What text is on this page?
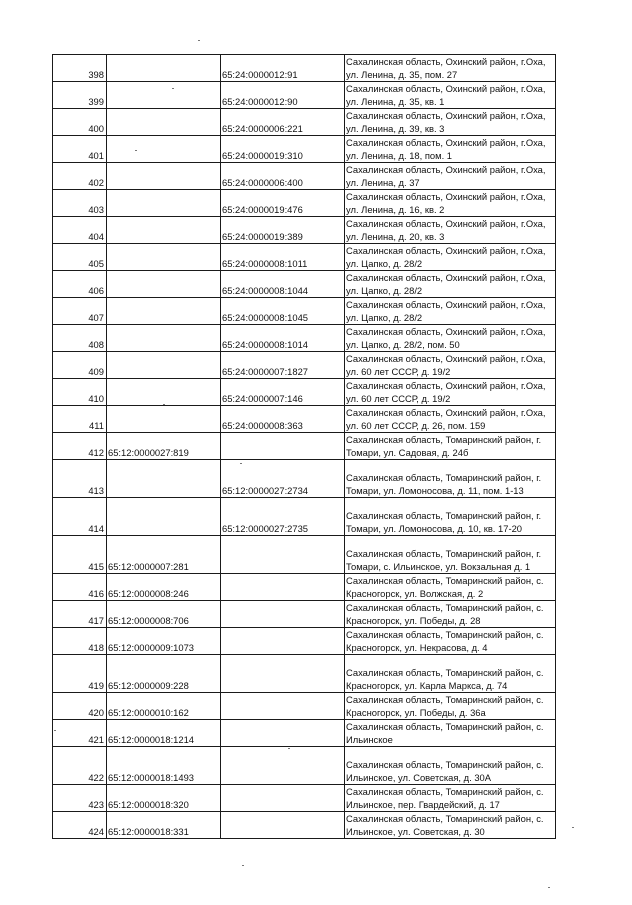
398		65:24:0000012:91	Сахалинская область, Охинский район, г.Оха,
ул. Ленина, д. 35, пом. 27

399		65:24:0000012:90	Сахалинская область, Охинский район, г.Оха,
ул. Ленина, д. 35, кв. 1

400		65:24:0000006:221	Сахалинская область, Охинский район, г.Оха,
ул. Ленина, д. 39, кв. 3

401		65:24:0000019:310	Сахалинская область, Охинский район, г.Оха,
ул. Ленина, д. 18, пом. 1

402		65:24:0000006:400	Сахалинская область, Охинский район, г.Оха,
ул. Ленина, д. 37

403		65:24:0000019:476	Сахалинская область, Охинский район, г.Оха,
ул. Ленина, д. 16, кв. 2

404		65:24:0000019:389	Сахалинская область, Охинский район, г.Оха,
ул. Ленина, д. 20, кв. 3

405		65:24:0000008:1011	Сахалинская область, Охинский район, г.Оха,
ул. Цапко, д. 28/2

406		65:24:0000008:1044	Сахалинская область, Охинский район, г.Оха,
ул. Цапко, д. 28/2

407		65:24:0000008:1045	Сахалинская область, Охинский район, г.Оха,
ул. Цапко, д. 28/2

408		65:24:0000008:1014	Сахалинская область, Охинский район, г.Оха,
ул. Цапко, д. 28/2, пом. 50

409		65:24:0000007:1827	Сахалинская область, Охинский район, г.Оха,
ул. 60 лет СССР, д. 19/2

410		65:24:0000007:146	Сахалинская область, Охинский район, г.Оха,
ул. 60 лет СССР, д. 19/2

411		65:24:0000008:363	Сахалинская область, Охинский район, г.Оха,
ул. 60 лет СССР, д. 26, пом. 159

412	65:12:0000027:819		Сахалинская область, Томаринский район, г.
Томари, ул. Садовая, д. 24б

413		65:12:0000027:2734	Сахалинская область, Томаринский район, г.
Томари, ул. Ломоносова, д. 11, пом. 1-13

414		65:12:0000027:2735	Сахалинская область, Томаринский район, г.
Томари, ул. Ломоносова, д. 10, кв. 17-20

415	65:12:0000007:281		Сахалинская область, Томаринский район, г.
Томари, с. Ильинское, ул. Вокзальная д. 1

416	65:12:0000008:246		Сахалинская область, Томаринский район, с.
Красногорск, ул. Волжская, д. 2

417	65:12:0000008:706		Сахалинская область, Томаринский район, с.
Красногорск, ул. Победы, д. 28

418	65:12:0000009:1073		Сахалинская область, Томаринский район, с.
Красногорск, ул. Некрасова, д. 4

419	65:12:0000009:228		Сахалинская область, Томаринский район, с.
Красногорск, ул. Карла Маркса, д. 74

420	65:12:0000010:162		Сахалинская область, Томаринский район, с.
Красногорск, ул. Победы, д. 36а

421	65:12:0000018:1214		Сахалинская область, Томаринский район, с.
Ильинское

422	65:12:0000018:1493		Сахалинская область, Томаринский район, с.
Ильинское, ул. Советская, д. 30А

423	65:12:0000018:320		Сахалинская область, Томаринский район, с.
Ильинское, пер. Гвардейский, д. 17

424	65:12:0000018:331		Сахалинская область, Томаринский район, с.
Ильинское, ул. Советская, д. 30
